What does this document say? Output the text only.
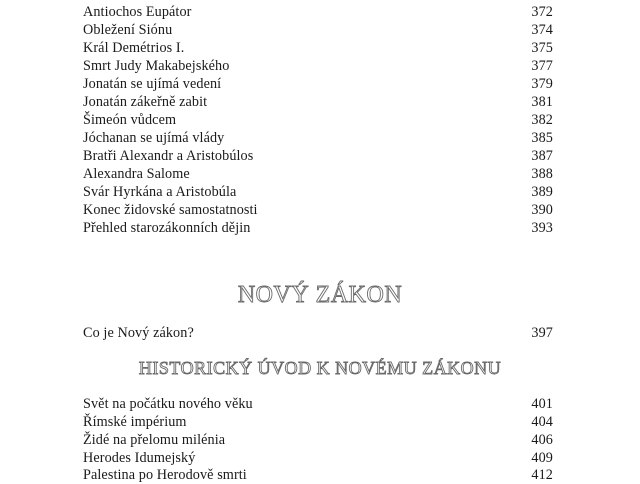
Antiochos Eupátor	372
Obležení Siónu	374
Král Demétrios I.	375
Smrt Judy Makabejského	377
Jonatán se ujímá vedení	379
Jonatán zákeřně zabit	381
Šimeón vůdcem	382
Jóchanan se ujímá vlády	385
Bratři Alexandr a Aristobúlos	387
Alexandra Salome	388
Svár Hyrkána a Aristobúla	389
Konec židovské samostatnosti	390
Přehled starozákonních dějin	393
NOVÝ ZÁKON
Co je Nový zákon?	397
HISTORICKÝ ÚVOD K NOVÉMU ZÁKONU
Svět na počátku nového věku	401
Římské impérium	404
Židé na přelomu milénia	406
Herodes Idumejský	409
Palestina po Herodově smrti	412
